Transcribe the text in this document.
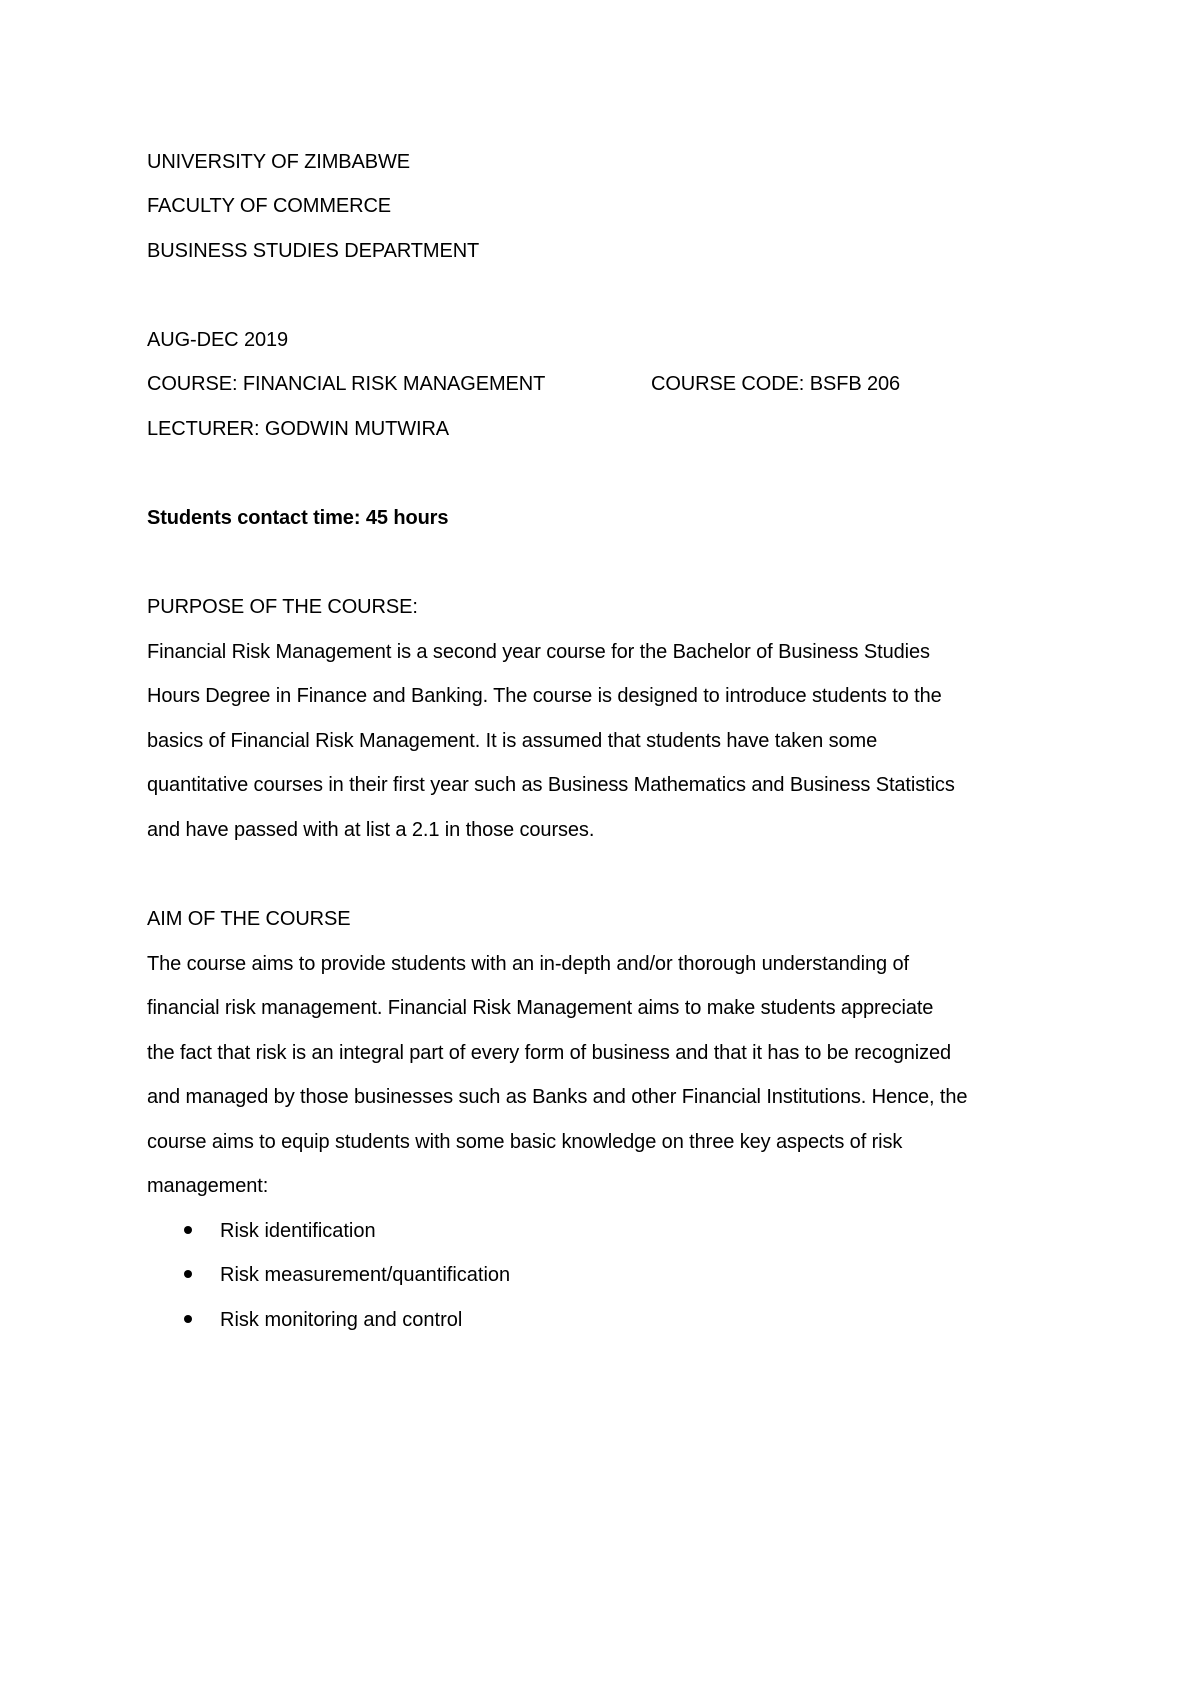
UNIVERSITY OF ZIMBABWE
FACULTY OF COMMERCE
BUSINESS STUDIES DEPARTMENT
AUG-DEC 2019
COURSE: FINANCIAL RISK MANAGEMENT	COURSE CODE: BSFB 206
LECTURER: GODWIN MUTWIRA
Students contact time: 45 hours
PURPOSE OF THE COURSE:
Financial Risk Management is a second year course for the Bachelor of Business Studies
Hours Degree in Finance and Banking. The course is designed to introduce students to the
basics of Financial Risk Management. It is assumed that students have taken some
quantitative courses in their first year such as Business Mathematics and Business Statistics
and have passed with at list a 2.1 in those courses.
AIM OF THE COURSE
The course aims to provide students with an in-depth and/or thorough understanding of
financial risk management. Financial Risk Management aims to make students appreciate
the fact that risk is an integral part of every form of business and that it has to be recognized
and managed by those businesses such as Banks and other Financial Institutions. Hence, the
course aims to equip students with some basic knowledge on three key aspects of risk
management:
Risk identification
Risk measurement/quantification
Risk monitoring and control
